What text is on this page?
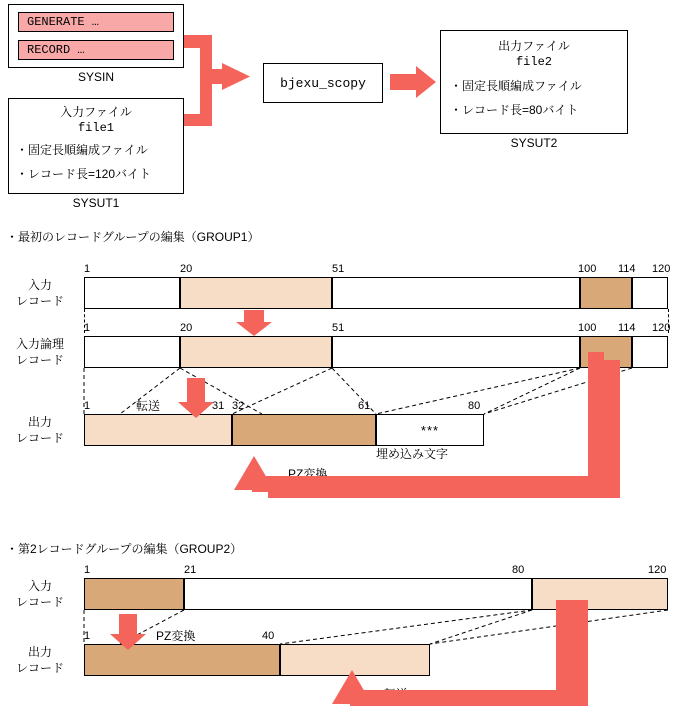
GENERATE …
RECORD …
SYSIN
入力ファイル
file1
・固定長順編成ファイル
・レコード長=120バイト
SYSUT1
bjexu_scopy
出力ファイル
file2
・固定長順編成ファイル
・レコード長=80バイト
SYSUT2
・最初のレコードグループの編集（GROUP1）
入力
レコード
1	20	51	100 114 120
入力論理
レコード
1	20	51	100 114 120
出力
レコード
***
1	31 32	61	80
転送
PZ変換
埋め込み文字
・第2レコードグループの編集（GROUP2）
入力
レコード
1	21	80	120
出力
レコード
1	40
PZ変換
